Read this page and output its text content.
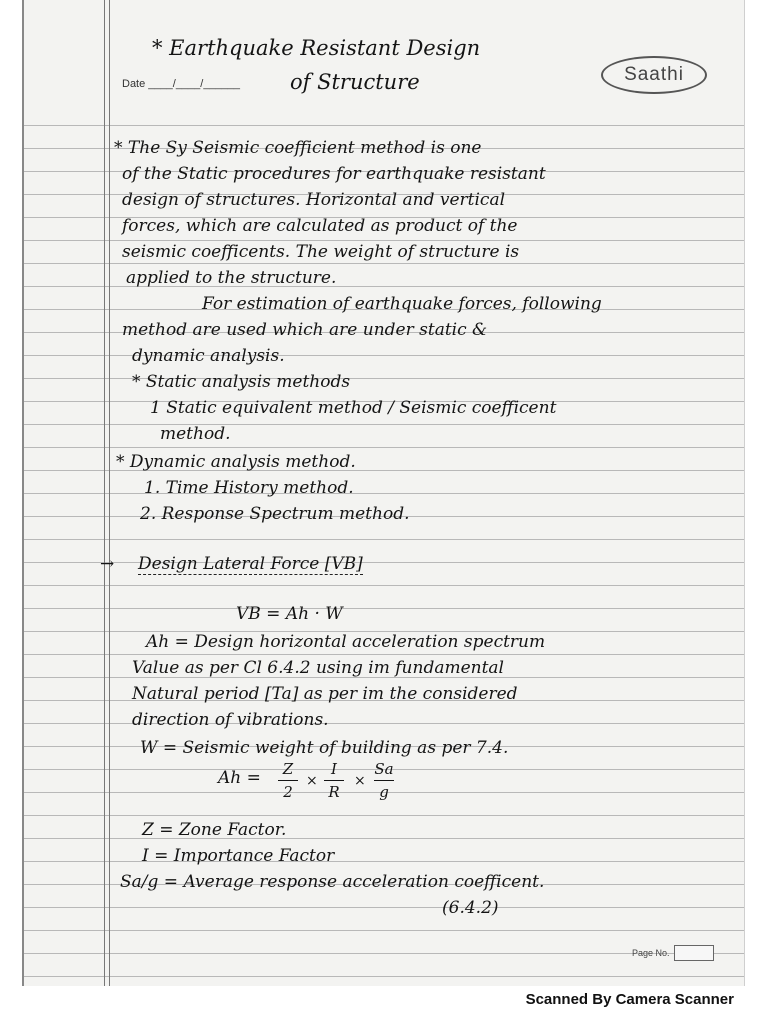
Date ____/____/______	Saathi
* Earthquake Resistant Design
of Structure
* The Sy Seismic coefficient method is one
of the Static procedures for earthquake resistant
design of structures. Horizontal and vertical
forces, which are calculated as product of the
seismic coefficents. The weight of structure is
applied to the structure.
For estimation of earthquake forces, following
method are used which are under static &
dynamic analysis.
* Static analysis methods
1 Static equivalent method / Seismic coefficent
method.
* Dynamic analysis method.
1. Time History method.
2. Response Spectrum method.
→ Design Lateral Force [VB]
VB = Ah · W
Ah = Design horizontal acceleration spectrum
Value as per Cl 6.4.2 using im fundamental
Natural period [Ta] as per im the considered
direction of vibrations.
W = Seismic weight of building as per 7.4.
Ah = Z
2
×
I
R
×
Sa
g
Z = Zone Factor.
I = Importance Factor
Sa/g = Average response acceleration coefficent.
(6.4.2)
Page No.
Scanned By Camera Scanner
